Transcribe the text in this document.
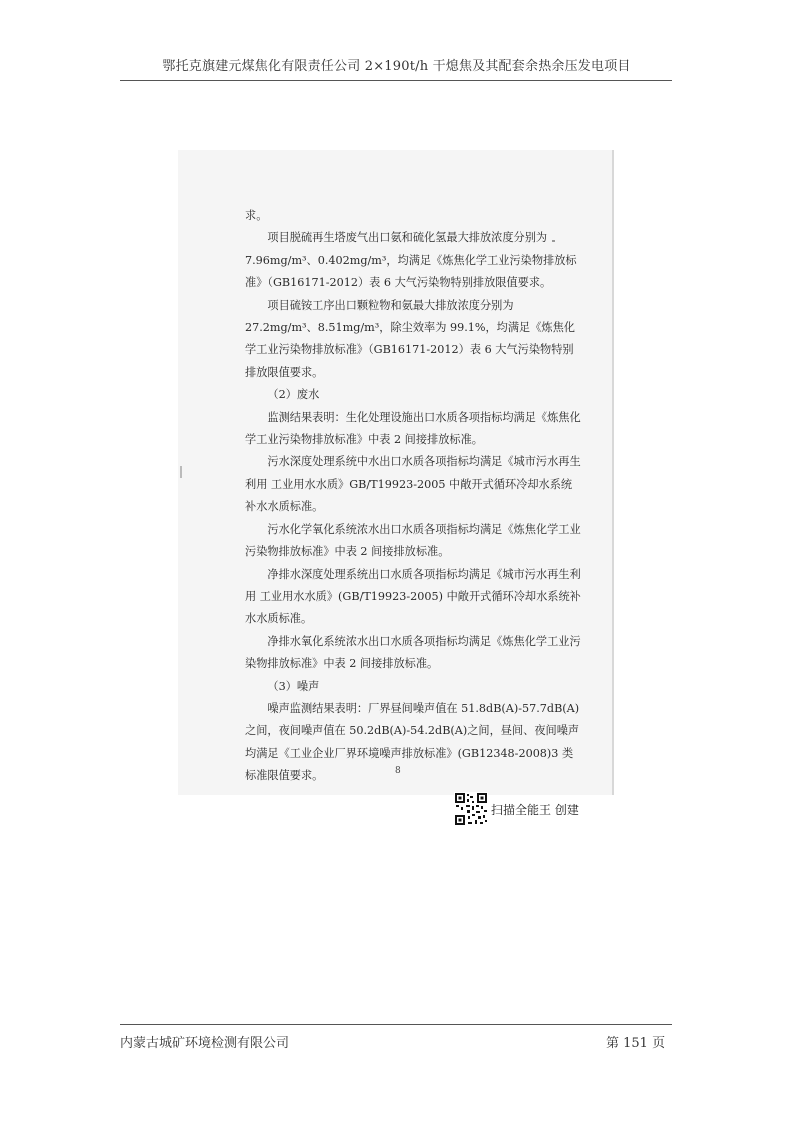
鄂托克旗建元煤焦化有限责任公司 2×190t/h 干熄焦及其配套余热余压发电项目

求。

项目脱硫再生塔废气出口氨和硫化氢最大排放浓度分别为 7.96mg/m³、0.402mg/m³，均满足《炼焦化学工业污染物排放标准》（GB16171-2012）表 6 大气污染物特别排放限值要求。

项目硫铵工序出口颗粒物和氨最大排放浓度分别为 27.2mg/m³、8.51mg/m³，除尘效率为 99.1%，均满足《炼焦化学工业污染物排放标准》（GB16171-2012）表 6 大气污染物特别排放限值要求。

（2）废水

监测结果表明：生化处理设施出口水质各项指标均满足《炼焦化学工业污染物排放标准》中表 2 间接排放标准。

污水深度处理系统中水出口水质各项指标均满足《城市污水再生利用 工业用水水质》GB/T19923-2005 中敞开式循环冷却水系统补水水质标准。

污水化学氧化系统浓水出口水质各项指标均满足《炼焦化学工业污染物排放标准》中表 2 间接排放标准。

净排水深度处理系统出口水质各项指标均满足《城市污水再生利用 工业用水水质》(GB/T19923-2005) 中敞开式循环冷却水系统补水水质标准。

净排水氧化系统浓水出口水质各项指标均满足《炼焦化学工业污染物排放标准》中表 2 间接排放标准。

（3）噪声

噪声监测结果表明：厂界昼间噪声值在 51.8dB(A)-57.7dB(A) 之间，夜间噪声值在 50.2dB(A)-54.2dB(A)之间，昼间、夜间噪声均满足《工业企业厂界环境噪声排放标准》(GB12348-2008)3 类标准限值要求。	8
扫描全能王 创建
内蒙古城矿环境检测有限公司	第 151 页
